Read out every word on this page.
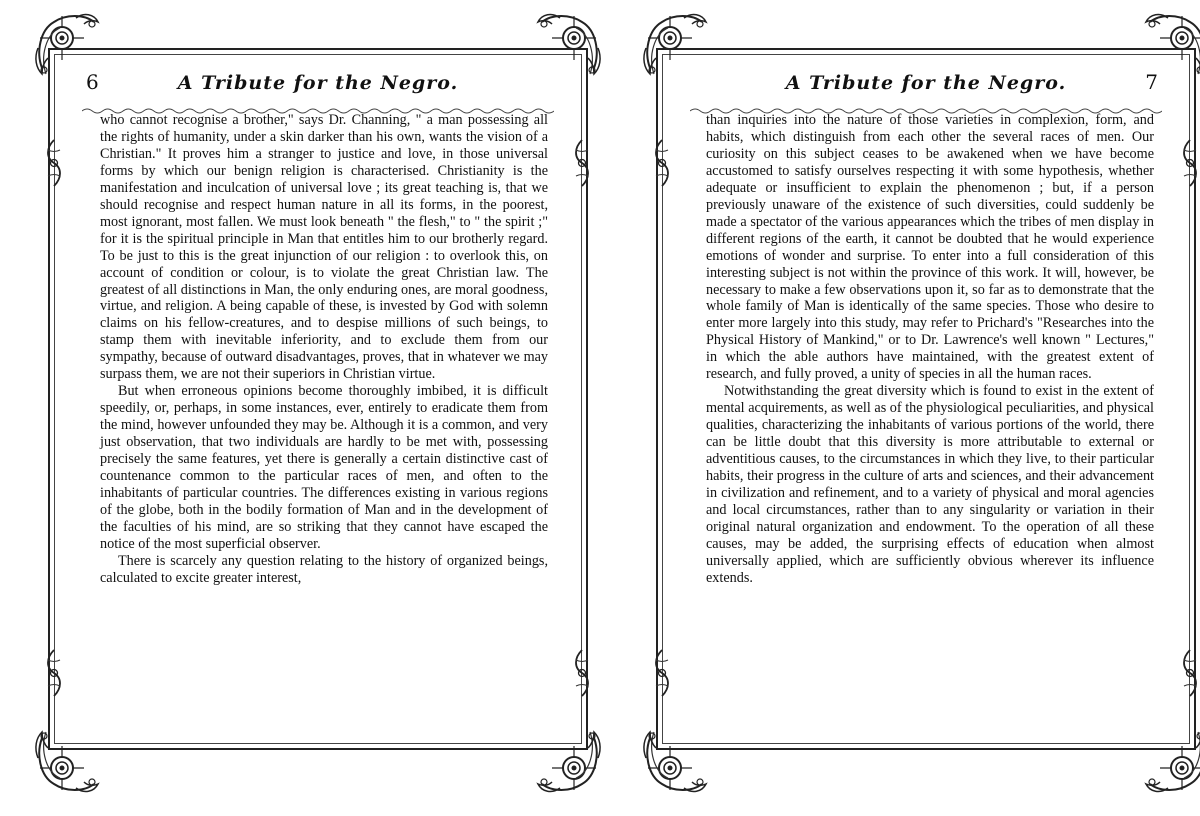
6	A Tribute for the Negro.

who cannot recognise a brother," says Dr. Channing, " a man possessing all the rights of humanity, under a skin darker than his own, wants the vision of a Christian." It proves him a stranger to justice and love, in those universal forms by which our benign religion is characterised. Christianity is the manifestation and inculcation of universal love ; its great teaching is, that we should recognise and respect human nature in all its forms, in the poorest, most ignorant, most fallen. We must look beneath " the flesh," to " the spirit ;" for it is the spiritual principle in Man that entitles him to our brotherly regard. To be just to this is the great injunction of our religion : to overlook this, on account of condition or colour, is to violate the great Christian law. The greatest of all distinctions in Man, the only enduring ones, are moral goodness, virtue, and religion. A being capable of these, is invested by God with solemn claims on his fellow-creatures, and to despise millions of such beings, to stamp them with inevitable inferiority, and to exclude them from our sympathy, because of outward disadvantages, proves, that in whatever we may surpass them, we are not their superiors in Christian virtue.

But when erroneous opinions become thoroughly imbibed, it is difficult speedily, or, perhaps, in some instances, ever, entirely to eradicate them from the mind, however unfounded they may be. Although it is a common, and very just observation, that two individuals are hardly to be met with, possessing precisely the same features, yet there is generally a certain distinctive cast of countenance common to the particular races of men, and often to the inhabitants of particular countries. The differences existing in various regions of the globe, both in the bodily formation of Man and in the development of the faculties of his mind, are so striking that they cannot have escaped the notice of the most superficial observer.

There is scarcely any question relating to the history of organized beings, calculated to excite greater interest,

7
A Tribute for the Negro.

than inquiries into the nature of those varieties in complexion, form, and habits, which distinguish from each other the several races of men. Our curiosity on this subject ceases to be awakened when we have become accustomed to satisfy ourselves respecting it with some hypothesis, whether adequate or insufficient to explain the phenomenon ; but, if a person previously unaware of the existence of such diversities, could suddenly be made a spectator of the various appearances which the tribes of men display in different regions of the earth, it cannot be doubted that he would experience emotions of wonder and surprise. To enter into a full consideration of this interesting subject is not within the province of this work. It will, however, be necessary to make a few observations upon it, so far as to demonstrate that the whole family of Man is identically of the same species. Those who desire to enter more largely into this study, may refer to Prichard's "Researches into the Physical History of Mankind," or to Dr. Lawrence's well known " Lectures," in which the able authors have maintained, with the greatest extent of research, and fully proved, a unity of species in all the human races.

Notwithstanding the great diversity which is found to exist in the extent of mental acquirements, as well as of the physiological peculiarities, and physical qualities, characterizing the inhabitants of various portions of the world, there can be little doubt that this diversity is more attributable to external or adventitious causes, to the circumstances in which they live, to their particular habits, their progress in the culture of arts and sciences, and their advancement in civilization and refinement, and to a variety of physical and moral agencies and local circumstances, rather than to any singularity or variation in their original natural organization and endowment. To the operation of all these causes, may be added, the surprising effects of education when almost universally applied, which are sufficiently obvious wherever its influence extends.
